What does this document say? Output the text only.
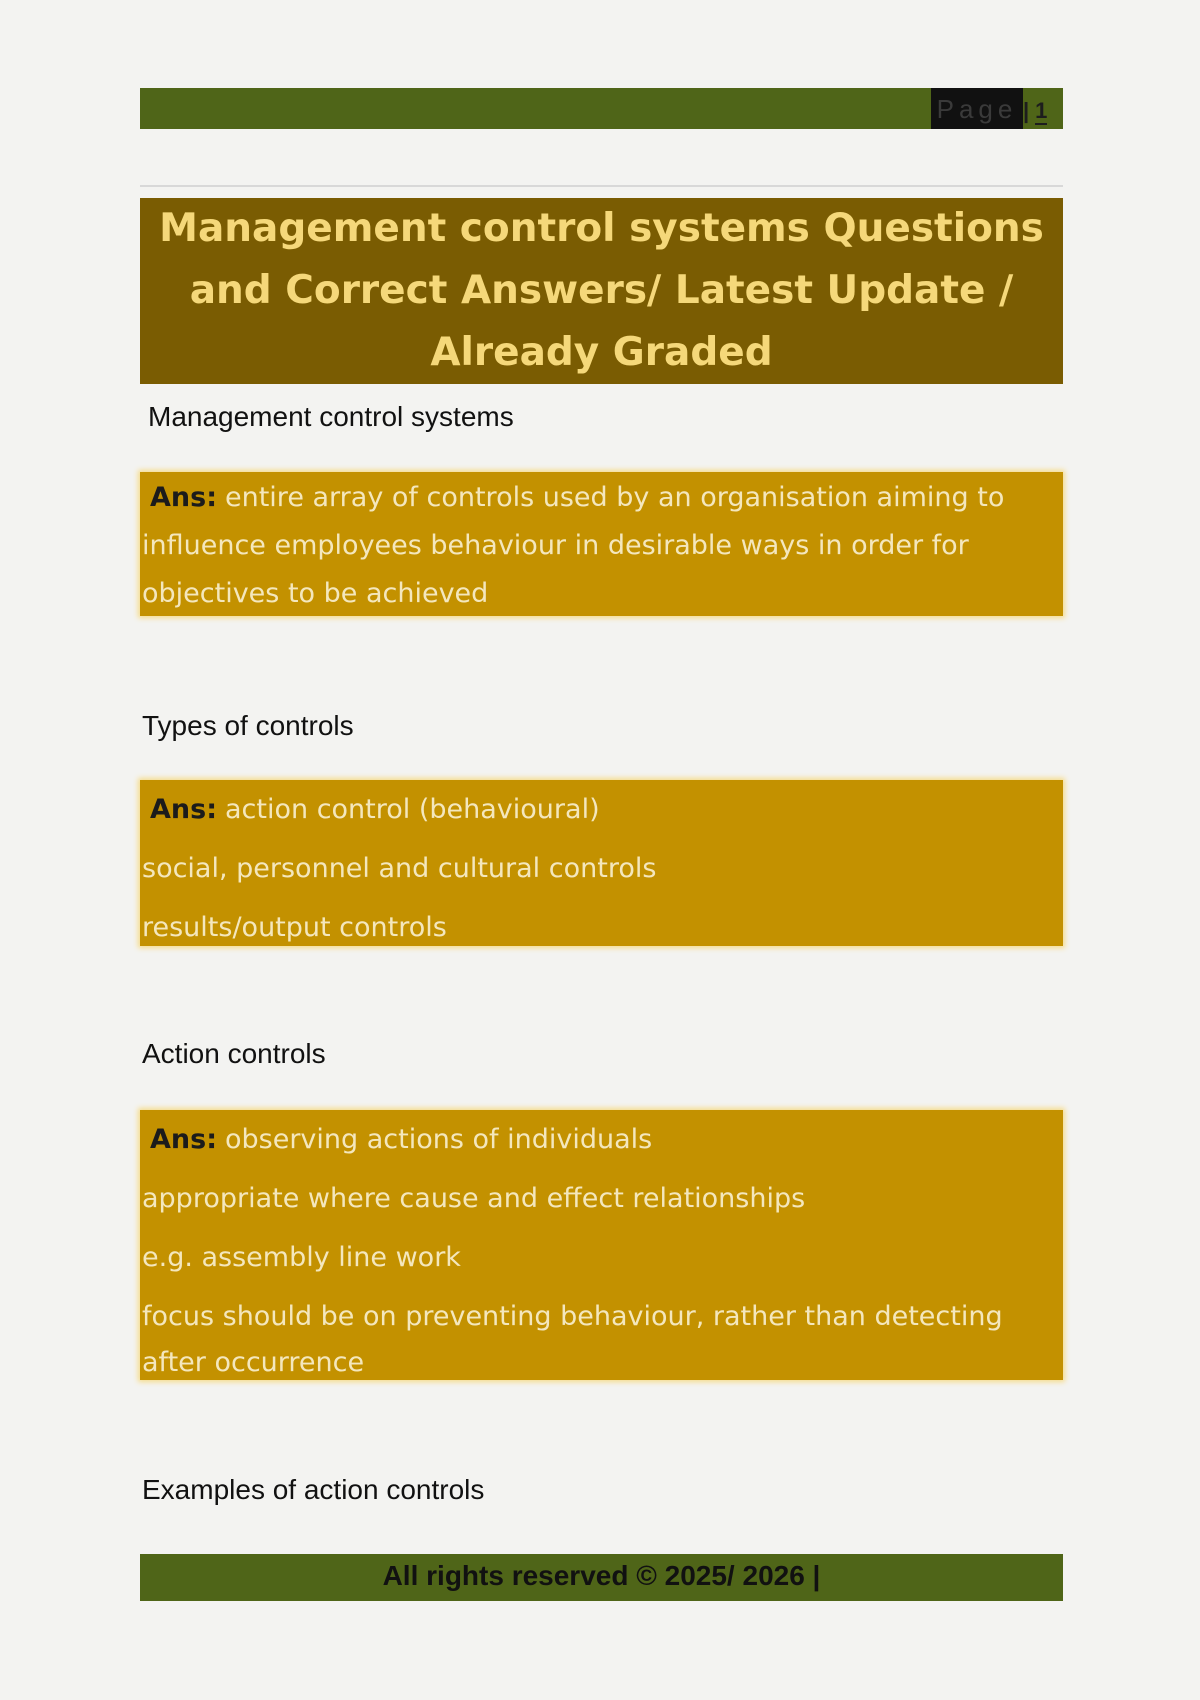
Page | 1
Management control systems Questions
and Correct Answers/ Latest Update /
Already Graded
Management control systems
Ans: entire array of controls used by an organisation aiming to
influence employees behaviour in desirable ways in order for
objectives to be achieved
Types of controls
Ans: action control (behavioural)
social, personnel and cultural controls
results/output controls
Action controls
Ans: observing actions of individuals
appropriate where cause and effect relationships
e.g. assembly line work
focus should be on preventing behaviour, rather than detecting
after occurrence
Examples of action controls
All rights reserved © 2025/ 2026 |
